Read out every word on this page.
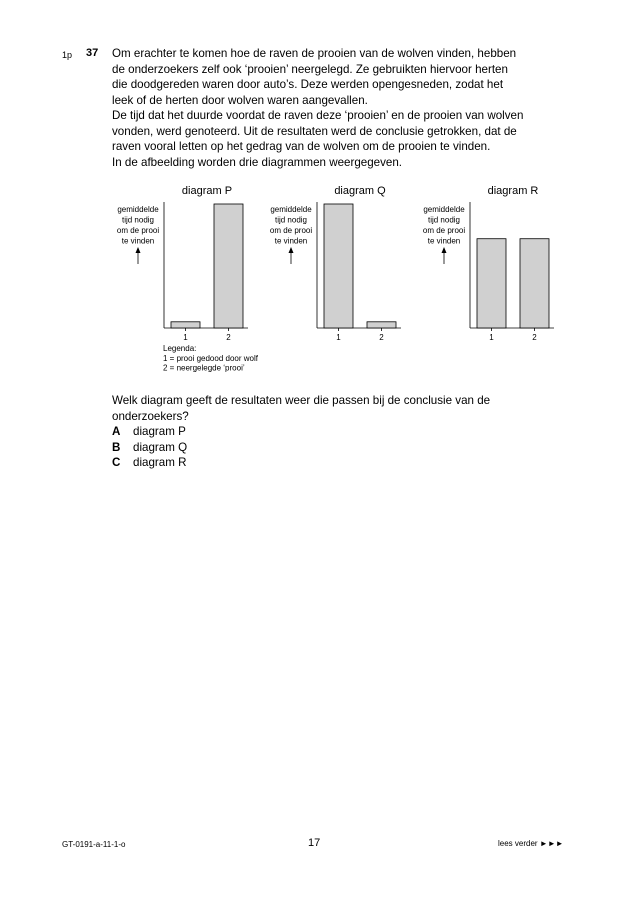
1p 37 Om erachter te komen hoe de raven de prooien van de wolven vinden, hebben
de onderzoekers zelf ook ‘prooien’ neergelegd. Ze gebruikten hiervoor herten
die doodgereden waren door auto’s. Deze werden opengesneden, zodat het
leek of de herten door wolven waren aangevallen.
De tijd dat het duurde voordat de raven deze ‘prooien’ en de prooien van wolven
vonden, werd genoteerd. Uit de resultaten werd de conclusie getrokken, dat de
raven vooral letten op het gedrag van de wolven om de prooien te vinden.
In de afbeelding worden drie diagrammen weergegeven.
diagram P
gemiddelde
tijd nodig
om de prooi
te vinden
1	2
diagram Q
gemiddelde
tijd nodig
om de prooi
te vinden
1	2
diagram R
gemiddelde
tijd nodig
om de prooi
te vinden
1	2
Legenda:
1 = prooi gedood door wolf
2 = neergelegde ‘prooi’
Welk diagram geeft de resultaten weer die passen bij de conclusie van de
onderzoekers?
A	diagram P
B	diagram Q
C	diagram R
GT-0191-a-11-1-o	17	lees verder ►►►
